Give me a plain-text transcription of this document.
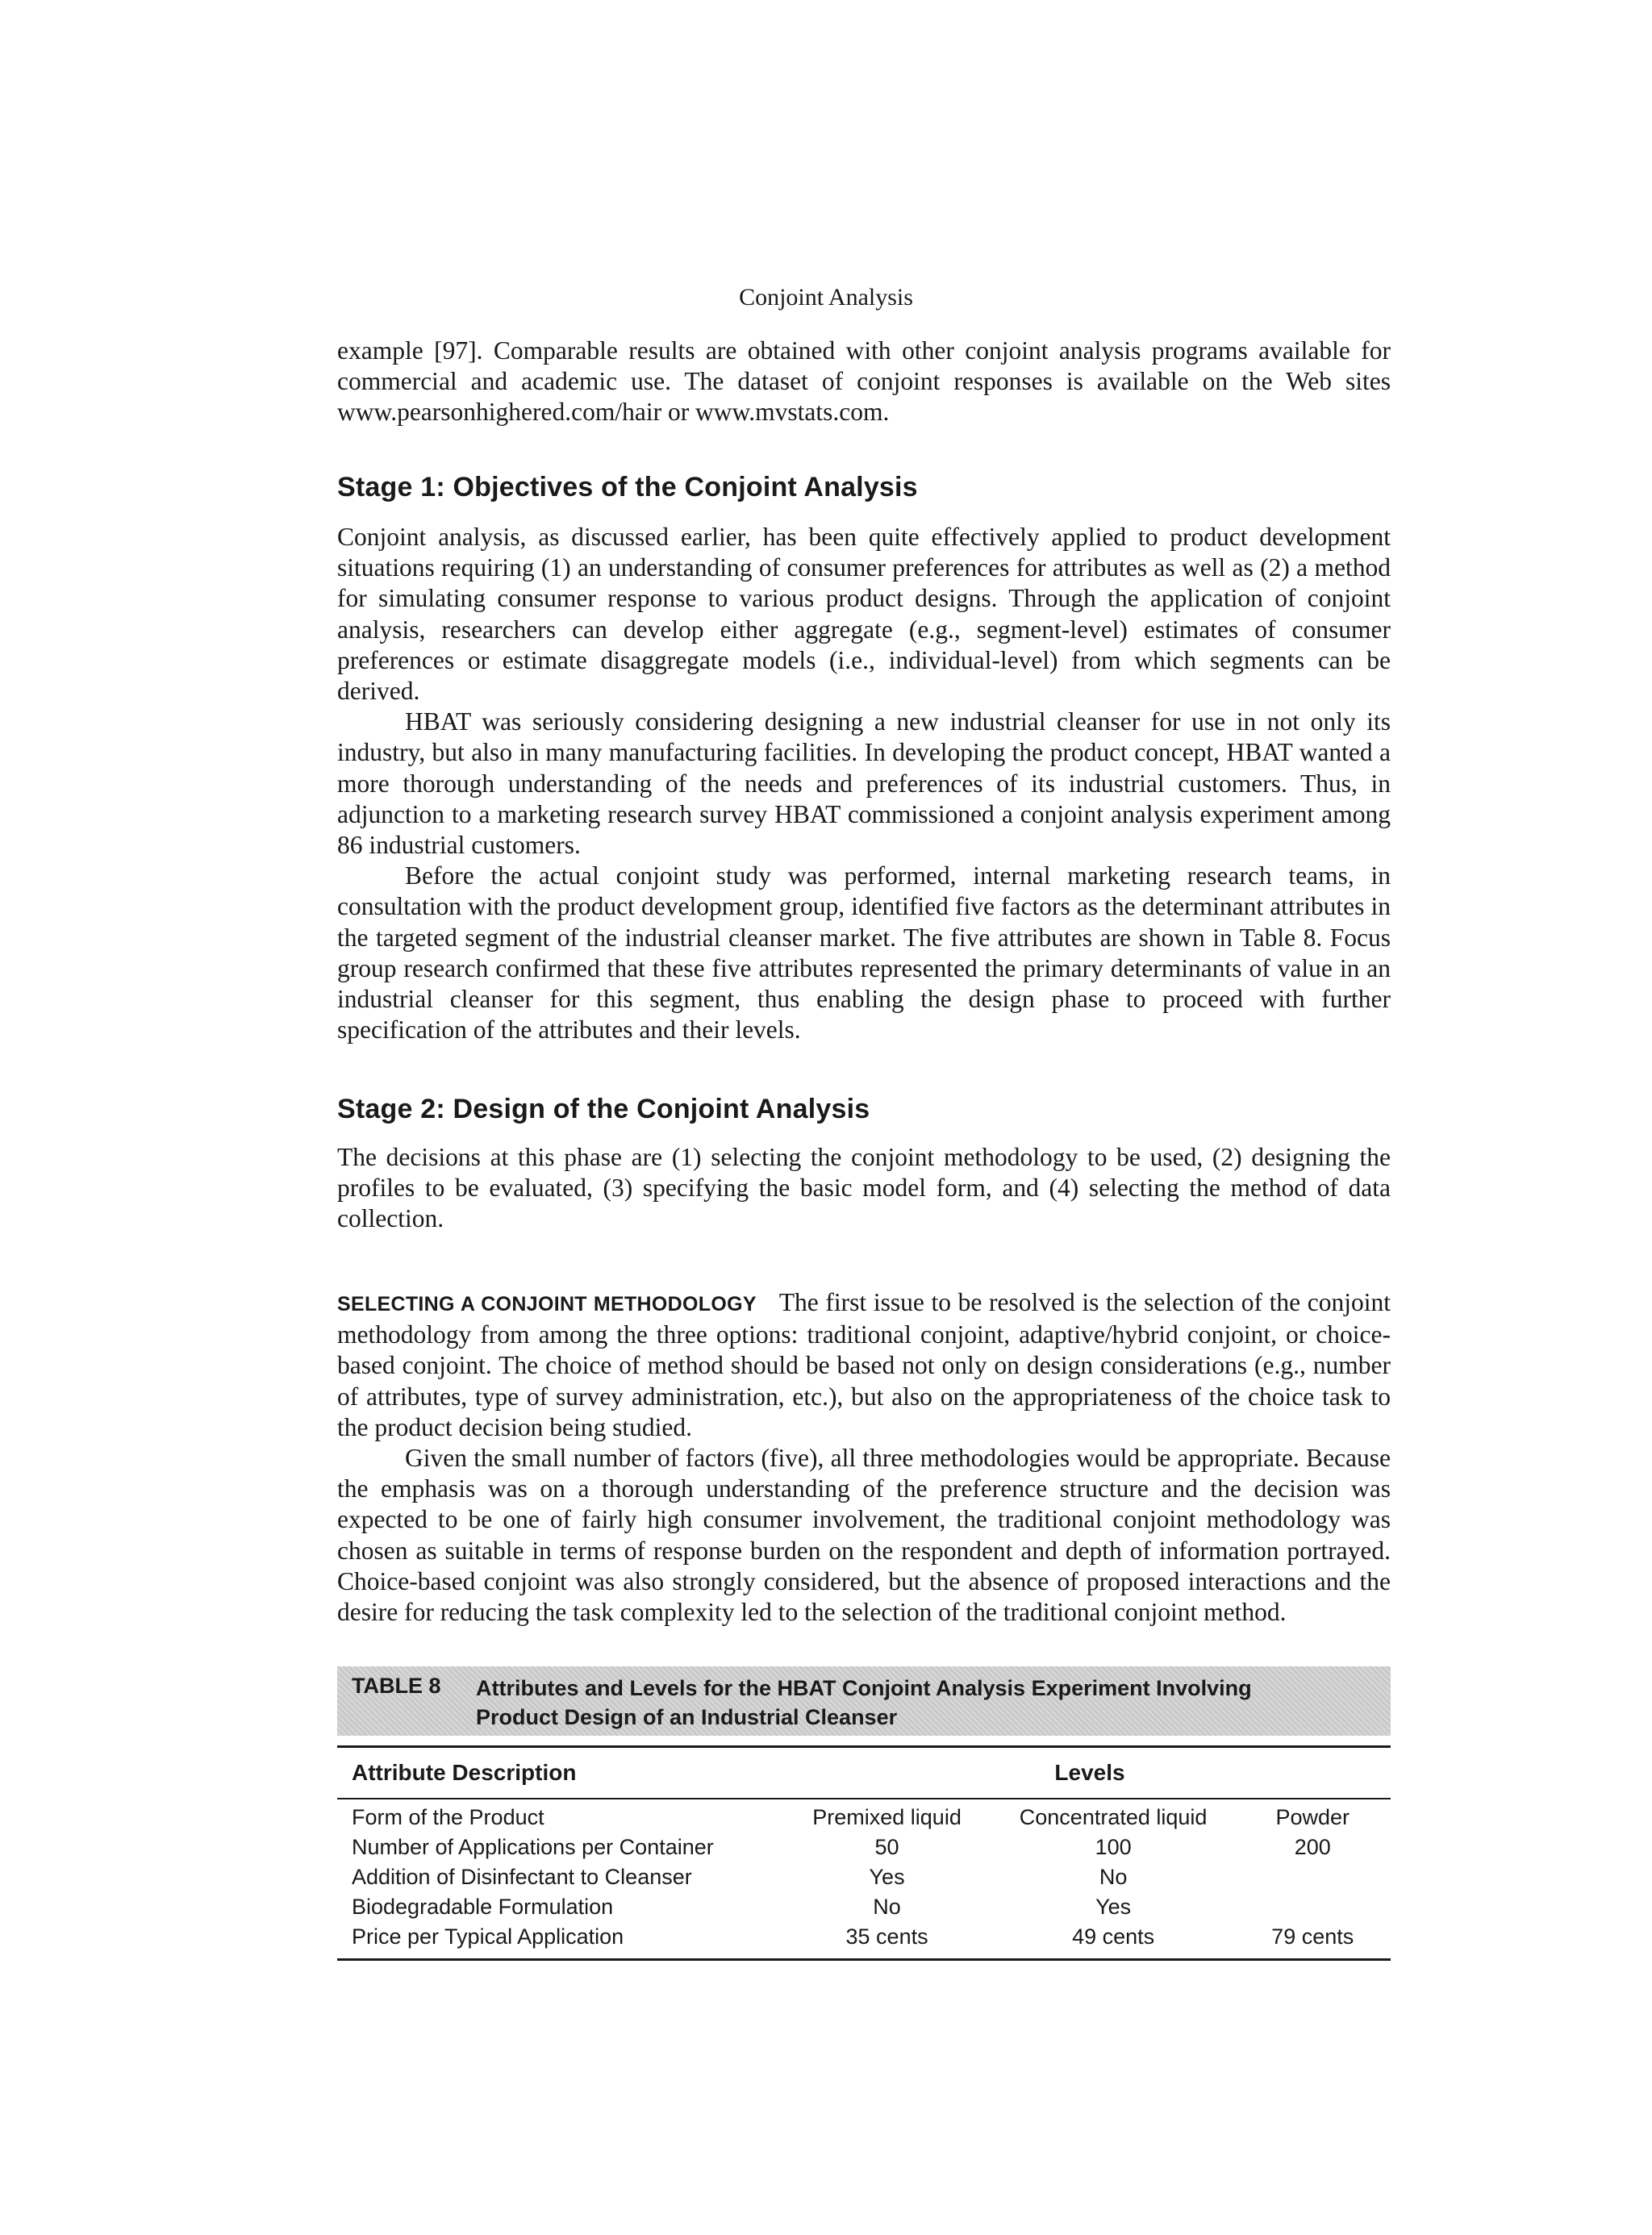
Conjoint Analysis

example [97]. Comparable results are obtained with other conjoint analysis programs available for commercial and academic use. The dataset of conjoint responses is available on the Web sites www.pearsonhighered.com/hair or www.mvstats.com.

Stage 1: Objectives of the Conjoint Analysis

Conjoint analysis, as discussed earlier, has been quite effectively applied to product development situations requiring (1) an understanding of consumer preferences for attributes as well as (2) a method for simulating consumer response to various product designs. Through the application of conjoint analysis, researchers can develop either aggregate (e.g., segment-level) estimates of consumer preferences or estimate disaggregate models (i.e., individual-level) from which segments can be derived.

HBAT was seriously considering designing a new industrial cleanser for use in not only its industry, but also in many manufacturing facilities. In developing the product concept, HBAT wanted a more thorough understanding of the needs and preferences of its industrial customers. Thus, in adjunction to a marketing research survey HBAT commissioned a conjoint analysis experiment among 86 industrial customers.

Before the actual conjoint study was performed, internal marketing research teams, in consultation with the product development group, identified five factors as the determinant attributes in the targeted segment of the industrial cleanser market. The five attributes are shown in Table 8. Focus group research confirmed that these five attributes represented the primary determinants of value in an industrial cleanser for this segment, thus enabling the design phase to proceed with further specification of the attributes and their levels.

Stage 2: Design of the Conjoint Analysis

The decisions at this phase are (1) selecting the conjoint methodology to be used, (2) designing the profiles to be evaluated, (3) specifying the basic model form, and (4) selecting the method of data collection.

SELECTING A CONJOINT METHODOLOGY The first issue to be resolved is the selection of the conjoint methodology from among the three options: traditional conjoint, adaptive/hybrid conjoint, or choice-based conjoint. The choice of method should be based not only on design considerations (e.g., number of attributes, type of survey administration, etc.), but also on the appropriateness of the choice task to the product decision being studied.

Given the small number of factors (five), all three methodologies would be appropriate. Because the emphasis was on a thorough understanding of the preference structure and the decision was expected to be one of fairly high consumer involvement, the traditional conjoint methodology was chosen as suitable in terms of response burden on the respondent and depth of information portrayed. Choice-based conjoint was also strongly considered, but the absence of proposed interactions and the desire for reducing the task complexity led to the selection of the traditional conjoint method.

TABLE 8 Attributes and Levels for the HBAT Conjoint Analysis Experiment Involving
Product Design of an Industrial Cleanser
Attribute Description	Levels
Form of the Product	Premixed liquid	Concentrated liquid	Powder
Number of Applications per Container	50	100	200
Addition of Disinfectant to Cleanser	Yes	No	
Biodegradable Formulation	No	Yes	
Price per Typical Application	35 cents	49 cents	79 cents
